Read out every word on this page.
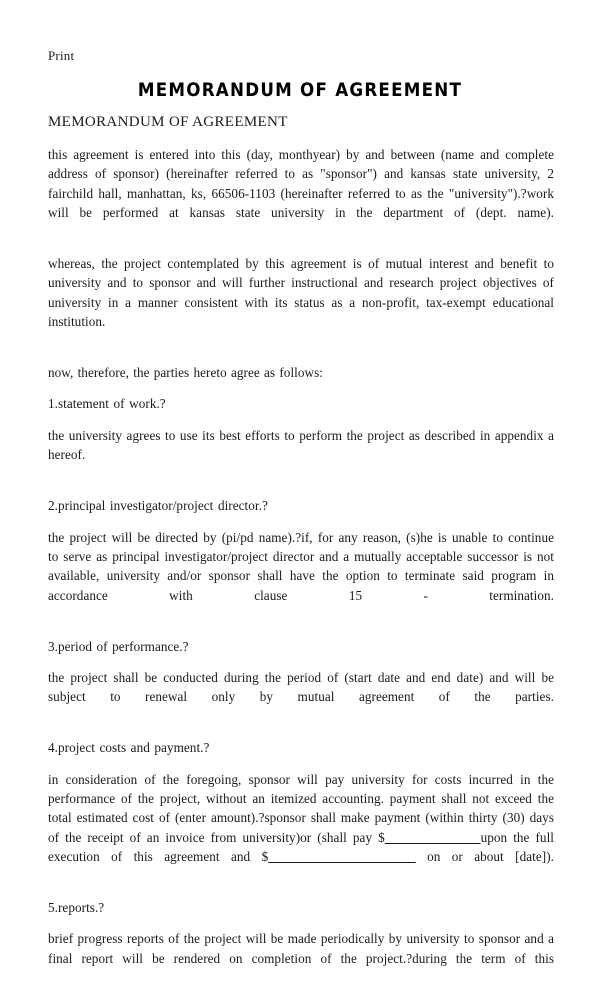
Print
MEMORANDUM OF AGREEMENT
MEMORANDUM OF AGREEMENT

this agreement is entered into this (day, monthyear) by and between (name and complete address of sponsor) (hereinafter referred to as "sponsor") and kansas state university, 2 fairchild hall, manhattan, ks, 66506-1103 (hereinafter referred to as the "university").?work will be performed at kansas state university in the department of (dept. name).

whereas, the project contemplated by this agreement is of mutual interest and benefit to university and to sponsor and will further instructional and research project objectives of university in a manner consistent with its status as a non-profit, tax-exempt educational institution.

now, therefore, the parties hereto agree as follows:

1.statement of work.?

the university agrees to use its best efforts to perform the project as described in appendix a hereof.

2.principal investigator/project director.?

the project will be directed by (pi/pd name).?if, for any reason, (s)he is unable to continue to serve as principal investigator/project director and a mutually acceptable successor is not available, university and/or sponsor shall have the option to terminate said program in accordance with clause 15 - termination.

3.period of performance.?

the project shall be conducted during the period of (start date and end date) and will be subject to renewal only by mutual agreement of the parties.

4.project costs and payment.?

in consideration of the foregoing, sponsor will pay university for costs incurred in the performance of the project, without an itemized accounting. payment shall not exceed the total estimated cost of (enter amount).?sponsor shall make payment (within thirty (30) days of the receipt of an invoice from university)or (shall pay $	upon the full execution of this agreement and $	on or about [date]).

5.reports.?

brief progress reports of the project will be made periodically by university to sponsor and a final report will be rendered on completion of the project.?during the term of this
